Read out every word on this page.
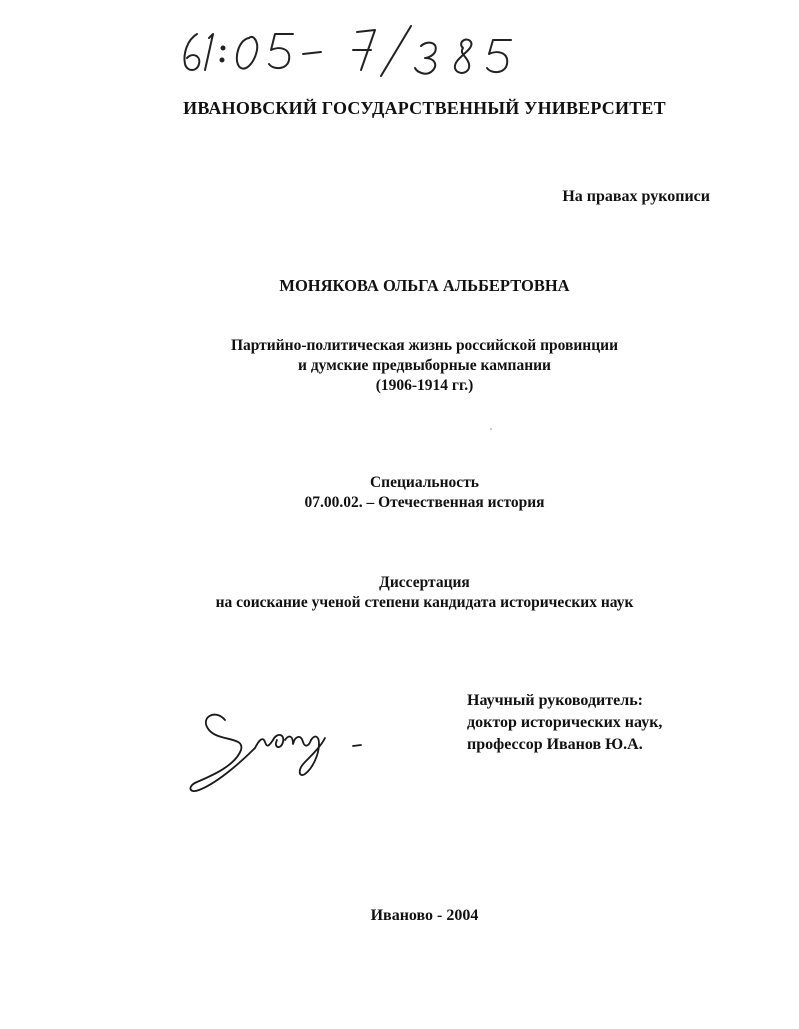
ИВАНОВСКИЙ ГОСУДАРСТВЕННЫЙ УНИВЕРСИТЕТ
На правах рукописи
МОНЯКОВА ОЛЬГА АЛЬБЕРТОВНА
Партийно-политическая жизнь российской провинции
и думские предвыборные кампании
(1906-1914 гг.)
Специальность
07.00.02. – Отечественная история
Диссертация
на соискание ученой степени кандидата исторических наук
Научный руководитель:
доктор исторических наук,
профессор Иванов Ю.А.
Иваново - 2004
